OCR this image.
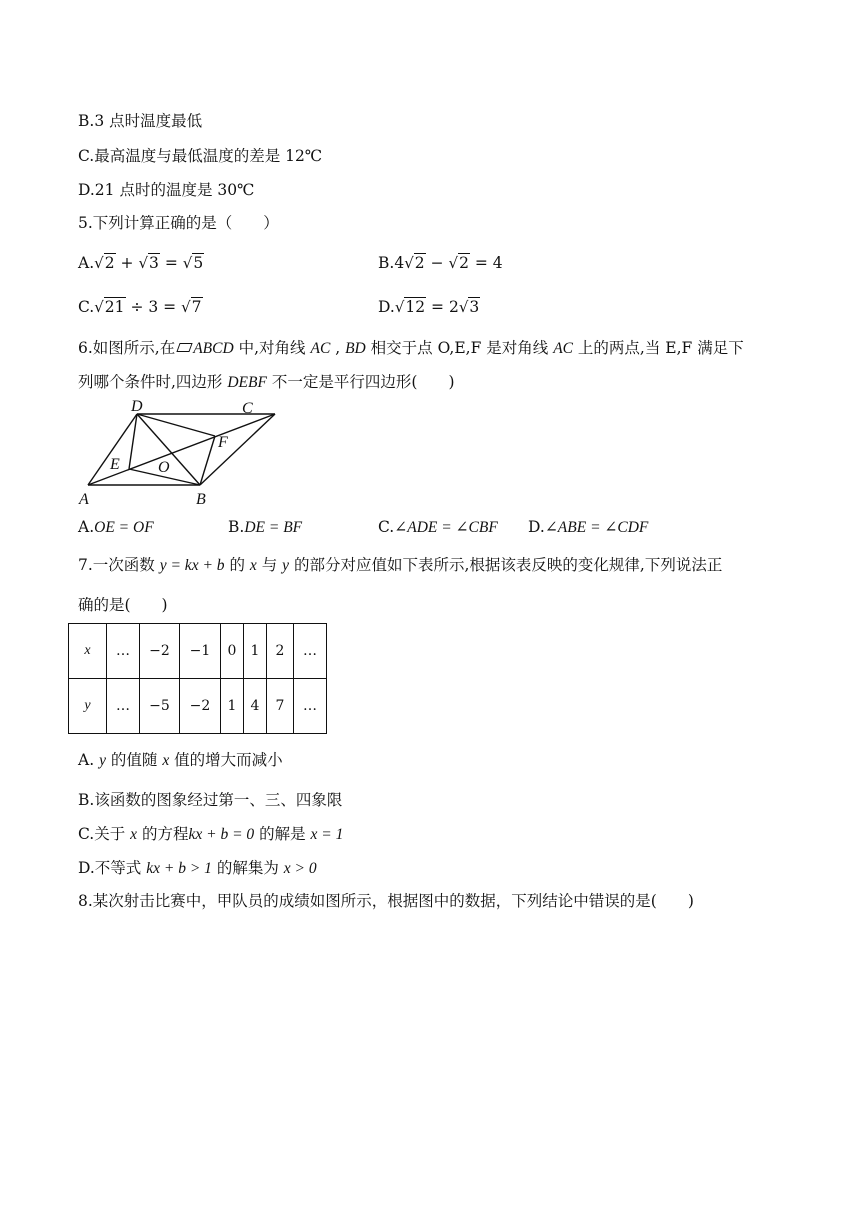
B.3 点时温度最低
C.最高温度与最低温度的差是 12℃
D.21 点时的温度是 30℃
5.下列计算正确的是（　　）
A.√2 + √3 = √5	B.4√2 − √2 = 4
C.√21 ÷ 3 = √7	D.√12 = 2√3
6.如图所示,在 ABCD 中,对角线 AC , BD 相交于点 O,E,F 是对角线 AC 上的两点,当 E,F 满足下
列哪个条件时,四边形 DEBF 不一定是平行四边形(　　)
D	C
A	B
E
F
O
A.OE = OF	B.DE = BF	C.∠ADE = ∠CBF D.∠ABE = ∠CDF
7.一次函数 y = kx + b 的 x 与 y 的部分对应值如下表所示,根据该表反映的变化规律,下列说法正
确的是(　　)
x	…	−2	−1	0	1	2	…
y	…	−5	−2	1	4	7	…
A. y 的值随 x 值的增大而减小
B.该函数的图象经过第一、三、四象限
C.关于 x 的方程kx + b = 0 的解是 x = 1
D.不等式 kx + b > 1 的解集为 x > 0
8.某次射击比赛中，甲队员的成绩如图所示，根据图中的数据，下列结论中错误的是(　　)
